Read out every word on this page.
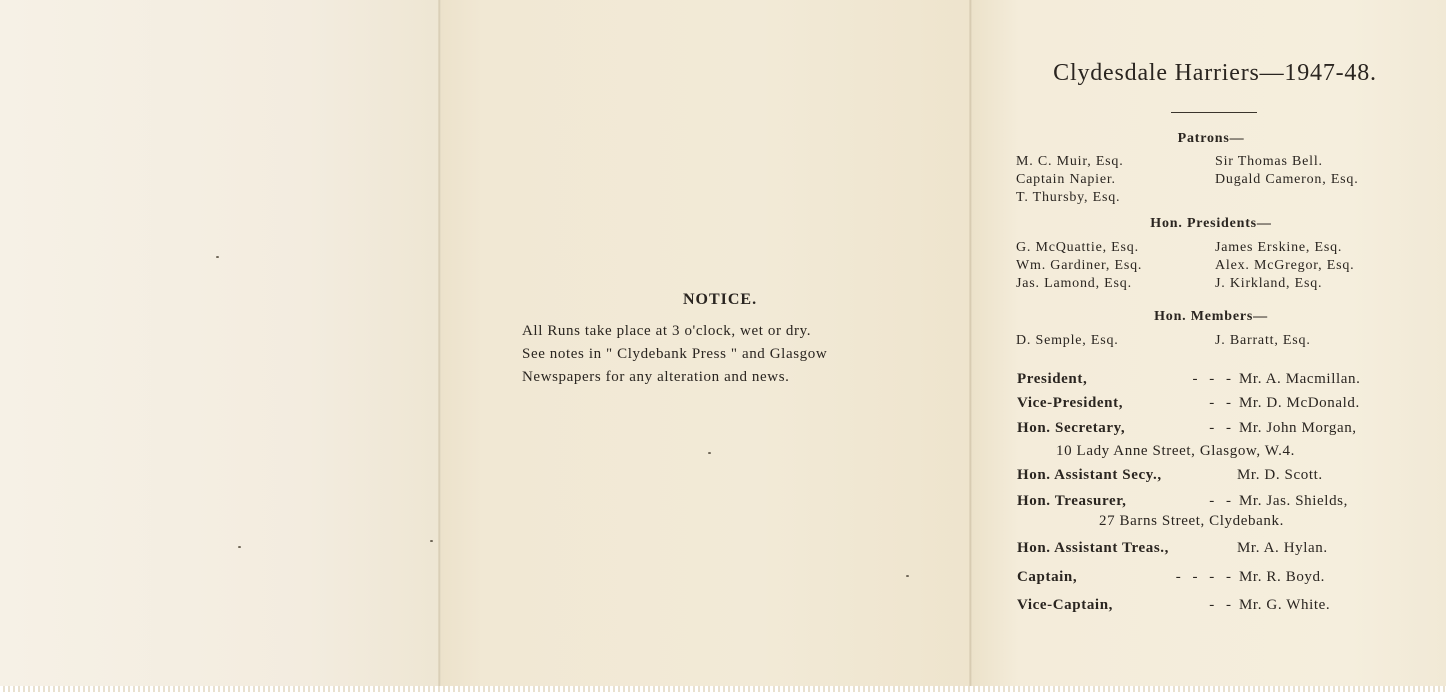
NOTICE.
All Runs take place at 3 o'clock, wet or dry.
See notes in " Clydebank Press " and Glasgow
Newspapers for any alteration and news.
Clydesdale Harriers—1947-48.
Patrons—
M. C. Muir, Esq.	Sir Thomas Bell.
Captain Napier.	Dugald Cameron, Esq.
T. Thursby, Esq.
Hon. Presidents—
G. McQuattie, Esq.	James Erskine, Esq.
Wm. Gardiner, Esq.	Alex. McGregor, Esq.
Jas. Lamond, Esq.	J. Kirkland, Esq.
Hon. Members—
D. Semple, Esq.	J. Barratt, Esq.
President,	- - - Mr. A. Macmillan.
Vice-President,	- - Mr. D. McDonald.
Hon. Secretary,	- - Mr. John Morgan,
10 Lady Anne Street, Glasgow, W.4.
Hon. Assistant Secy.,	Mr. D. Scott.
Hon. Treasurer,	- - Mr. Jas. Shields,
27 Barns Street, Clydebank.
Hon. Assistant Treas.,	Mr. A. Hylan.
Captain,	- - - - Mr. R. Boyd.
Vice-Captain,	- - Mr. G. White.
